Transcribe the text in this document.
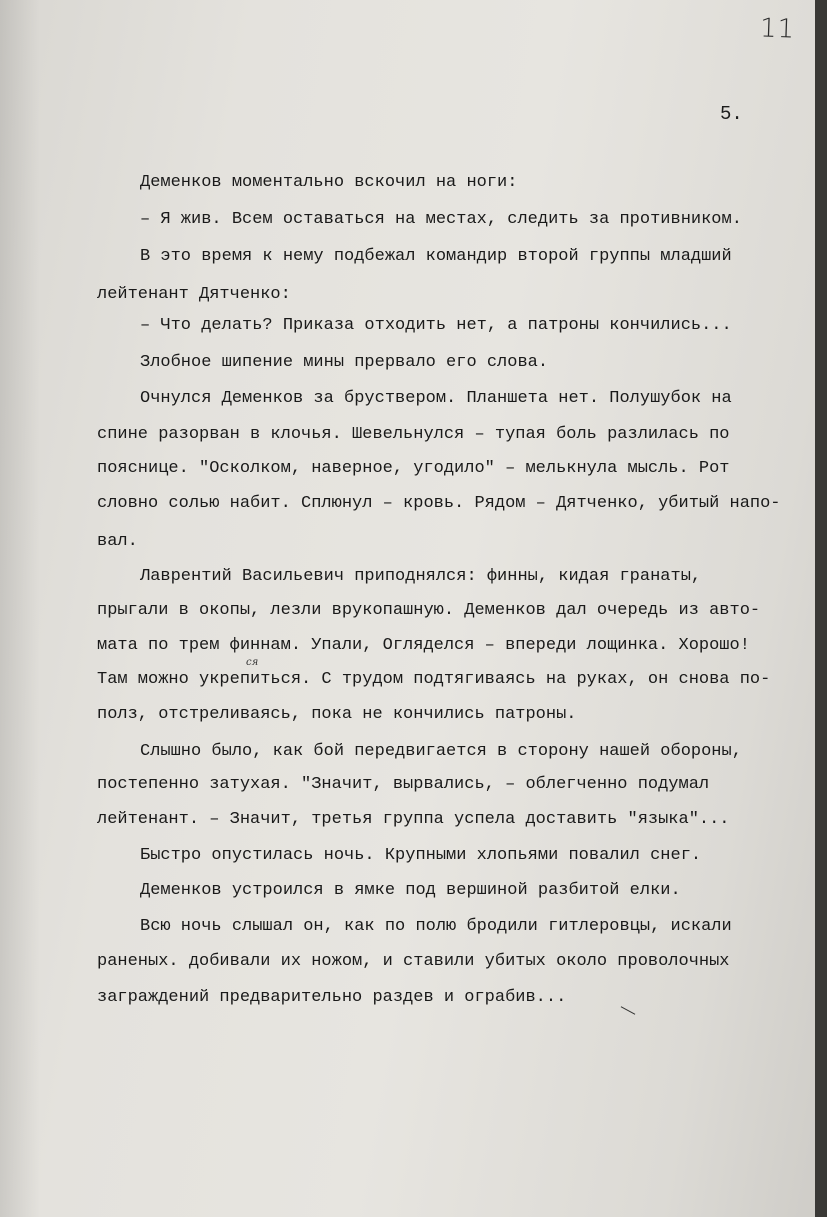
11
5.
Деменков моментально вскочил на ноги:
– Я жив. Всем оставаться на местах, следить за противником.
В это время к нему подбежал командир второй группы младший
лейтенант Дятченко:
– Что делать? Приказа отходить нет, а патроны кончились...
Злобное шипение мины прервало его слова.
Очнулся Деменков за бруствером. Планшета нет. Полушубок на
спине разорван в клочья. Шевельнулся – тупая боль разлилась по
пояснице. "Осколком, наверное, угодило" – мелькнула мысль. Рот
словно солью набит. Сплюнул – кровь. Рядом – Дятченко, убитый напо-
вал.
Лаврентий Васильевич приподнялся: финны, кидая гранаты,
прыгали в окопы, лезли врукопашную. Деменков дал очередь из авто-
мата по трем финнам. Упали, Огляделся – впереди лощинка. Хорошо!
Там можно укрепиться. С трудом подтягиваясь на руках, он снова по-
полз, отстреливаясь, пока не кончились патроны.
Слышно было, как бой передвигается в сторону нашей обороны,
постепенно затухая. "Значит, вырвались, – облегченно подумал
лейтенант. – Значит, третья группа успела доставить "языка"...
Быстро опустилась ночь. Крупными хлопьями повалил снег.
Деменков устроился в ямке под вершиной разбитой елки.
Всю ночь слышал он, как по полю бродили гитлеровцы, искали
раненых. добивали их ножом, и ставили убитых около проволочных
заграждений предварительно раздев и ограбив...
ся
